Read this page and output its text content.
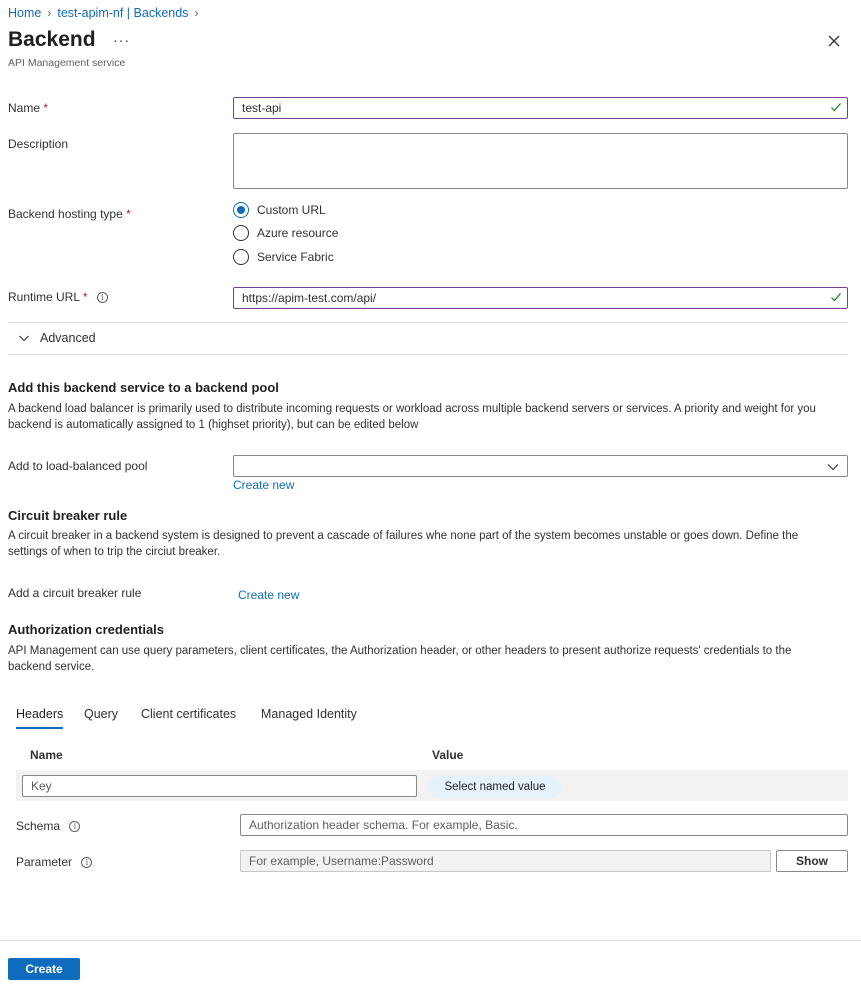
Home › test-apim-nf | Backends ›
Backend ···
API Management service
Name *	test-api
Description
Backend hosting type *	Custom URL
Azure resource
Service Fabric
Runtime URL * i	https://apim-test.com/api/
Advanced
Add this backend service to a backend pool
A backend load balancer is primarily used to distribute incoming requests or workload across multiple backend servers or services. A priority and weight for you backend is automatically assigned to 1 (highset priority), but can be edited below
Add to load-balanced pool
Create new
Circuit breaker rule
A circuit breaker in a backend system is designed to prevent a cascade of failures whe none part of the system becomes unstable or goes down. Define the settings of when to trip the circiut breaker.
Add a circuit breaker rule	Create new
Authorization credentials
API Management can use query parameters, client certificates, the Authorization header, or other headers to present authorize requests' credentials to the backend service.
Headers Query Client certificates Managed Identity
Name	Value
Key	Select named value
Schema i	Authorization header schema. For example, Basic.
Parameter i	For example, Username:Password	Show
Create
